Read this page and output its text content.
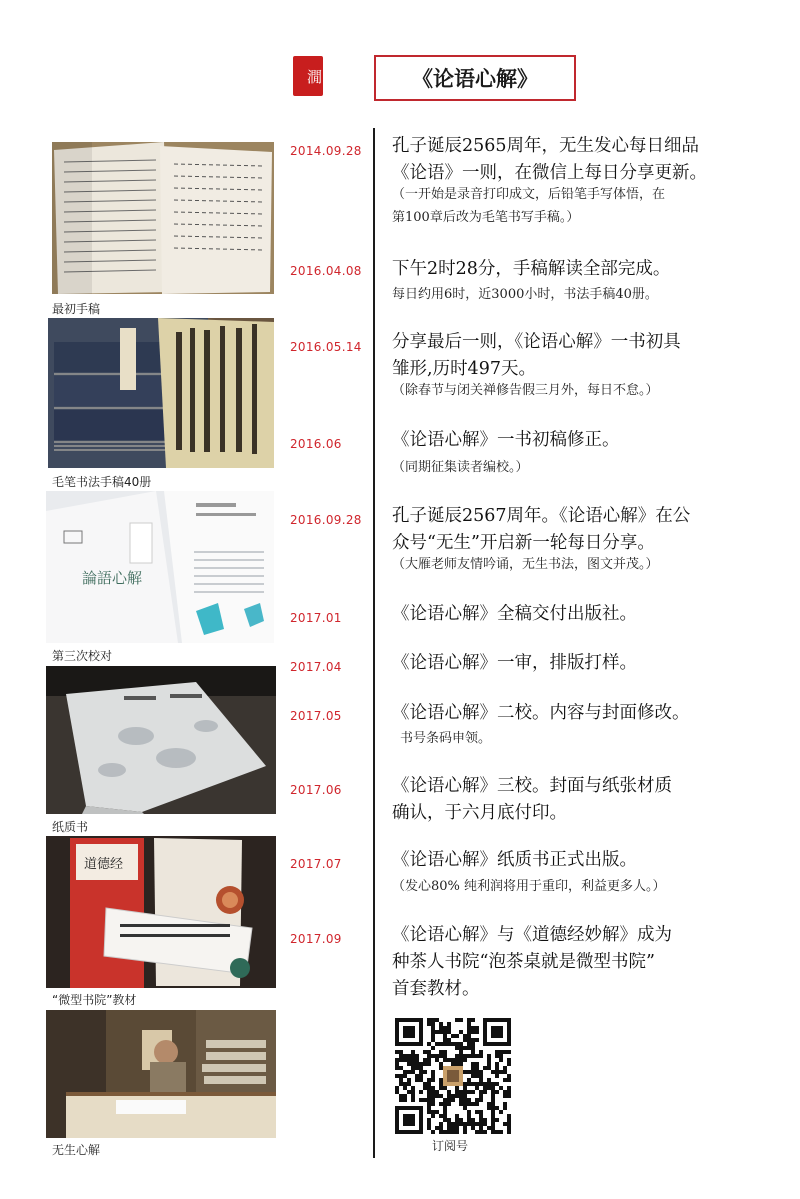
㵎	《论语心解》
最初手稿
毛笔书法手稿40册
論語心解
第三次校对
纸质书
道德经
“微型书院”教材
无生心解
2014.09.28 孔子诞辰2565周年，无生发心每日细品
《论语》一则，在微信上每日分享更新。
（一开始是录音打印成文，后铅笔手写体悟，在
第100章后改为毛笔书写手稿。）
2016.04.08 下午2时28分，手稿解读全部完成。
每日约用6时，近3000小时，书法手稿40册。
2016.05.14 分享最后一则，《论语心解》一书初具
雏形,历时497天。
（除春节与闭关禅修告假三月外，每日不怠。）
2016.06	《论语心解》一书初稿修正。
（同期征集读者编校。）
2016.09.28 孔子诞辰2567周年。《论语心解》在公
众号“无生”开启新一轮每日分享。
（大雁老师友情吟诵，无生书法，图文并茂。）
2017.01	《论语心解》全稿交付出版社。
2017.04	《论语心解》一审，排版打样。
2017.05	《论语心解》二校。内容与封面修改。
书号条码申领。
2017.06	《论语心解》三校。封面与纸张材质
确认，于六月底付印。
2017.07	《论语心解》纸质书正式出版。
（发心80% 纯利润将用于重印，利益更多人。）
2017.09	《论语心解》与《道德经妙解》成为
种茶人书院“泡茶桌就是微型书院”
首套教材。
订阅号
